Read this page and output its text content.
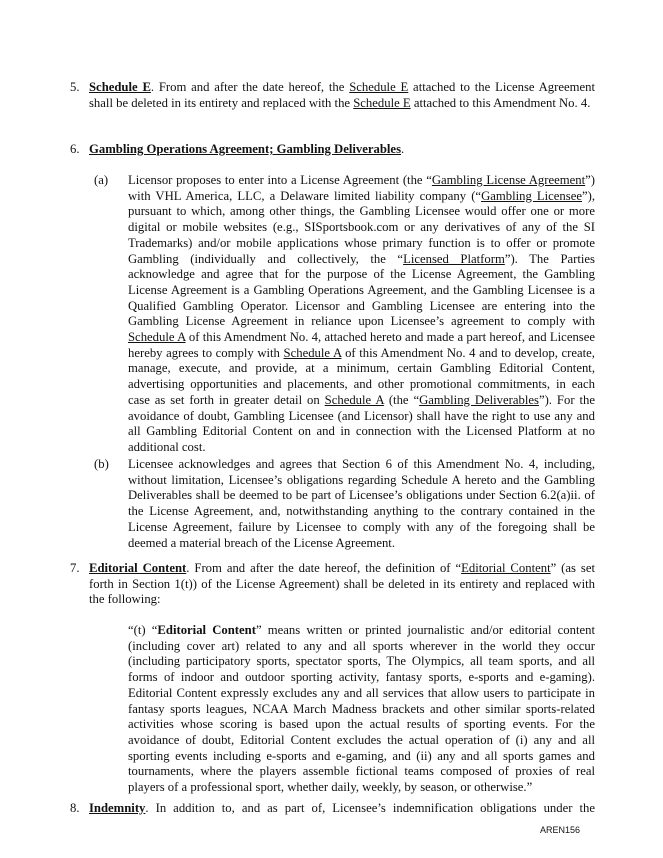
5. Schedule E. From and after the date hereof, the Schedule E attached to the License Agreement shall be deleted in its entirety and replaced with the Schedule E attached to this Amendment No. 4.
6. Gambling Operations Agreement; Gambling Deliverables.
(a) Licensor proposes to enter into a License Agreement (the “Gambling License Agreement”) with VHL America, LLC, a Delaware limited liability company (“Gambling Licensee”), pursuant to which, among other things, the Gambling Licensee would offer one or more digital or mobile websites (e.g., SISportsbook.com or any derivatives of any of the SI Trademarks) and/or mobile applications whose primary function is to offer or promote Gambling (individually and collectively, the “Licensed Platform”). The Parties acknowledge and agree that for the purpose of the License Agreement, the Gambling License Agreement is a Gambling Operations Agreement, and the Gambling Licensee is a Qualified Gambling Operator. Licensor and Gambling Licensee are entering into the Gambling License Agreement in reliance upon Licensee’s agreement to comply with Schedule A of this Amendment No. 4, attached hereto and made a part hereof, and Licensee hereby agrees to comply with Schedule A of this Amendment No. 4 and to develop, create, manage, execute, and provide, at a minimum, certain Gambling Editorial Content, advertising opportunities and placements, and other promotional commitments, in each case as set forth in greater detail on Schedule A (the “Gambling Deliverables”). For the avoidance of doubt, Gambling Licensee (and Licensor) shall have the right to use any and all Gambling Editorial Content on and in connection with the Licensed Platform at no additional cost.
(b) Licensee acknowledges and agrees that Section 6 of this Amendment No. 4, including, without limitation, Licensee’s obligations regarding Schedule A hereto and the Gambling Deliverables shall be deemed to be part of Licensee’s obligations under Section 6.2(a)ii. of the License Agreement, and, notwithstanding anything to the contrary contained in the License Agreement, failure by Licensee to comply with any of the foregoing shall be deemed a material breach of the License Agreement.
7. Editorial Content. From and after the date hereof, the definition of “Editorial Content” (as set forth in Section 1(t)) of the License Agreement) shall be deleted in its entirety and replaced with the following:
“(t) “Editorial Content” means written or printed journalistic and/or editorial content (including cover art) related to any and all sports wherever in the world they occur (including participatory sports, spectator sports, The Olympics, all team sports, and all forms of indoor and outdoor sporting activity, fantasy sports, e-sports and e-gaming). Editorial Content expressly excludes any and all services that allow users to participate in fantasy sports leagues, NCAA March Madness brackets and other similar sports-related activities whose scoring is based upon the actual results of sporting events. For the avoidance of doubt, Editorial Content excludes the actual operation of (i) any and all sporting events including e-sports and e-gaming, and (ii) any and all sports games and tournaments, where the players assemble fictional teams composed of proxies of real players of a professional sport, whether daily, weekly, by season, or otherwise.”
8. Indemnity. In addition to, and as part of, Licensee’s indemnification obligations under the
AREN156
